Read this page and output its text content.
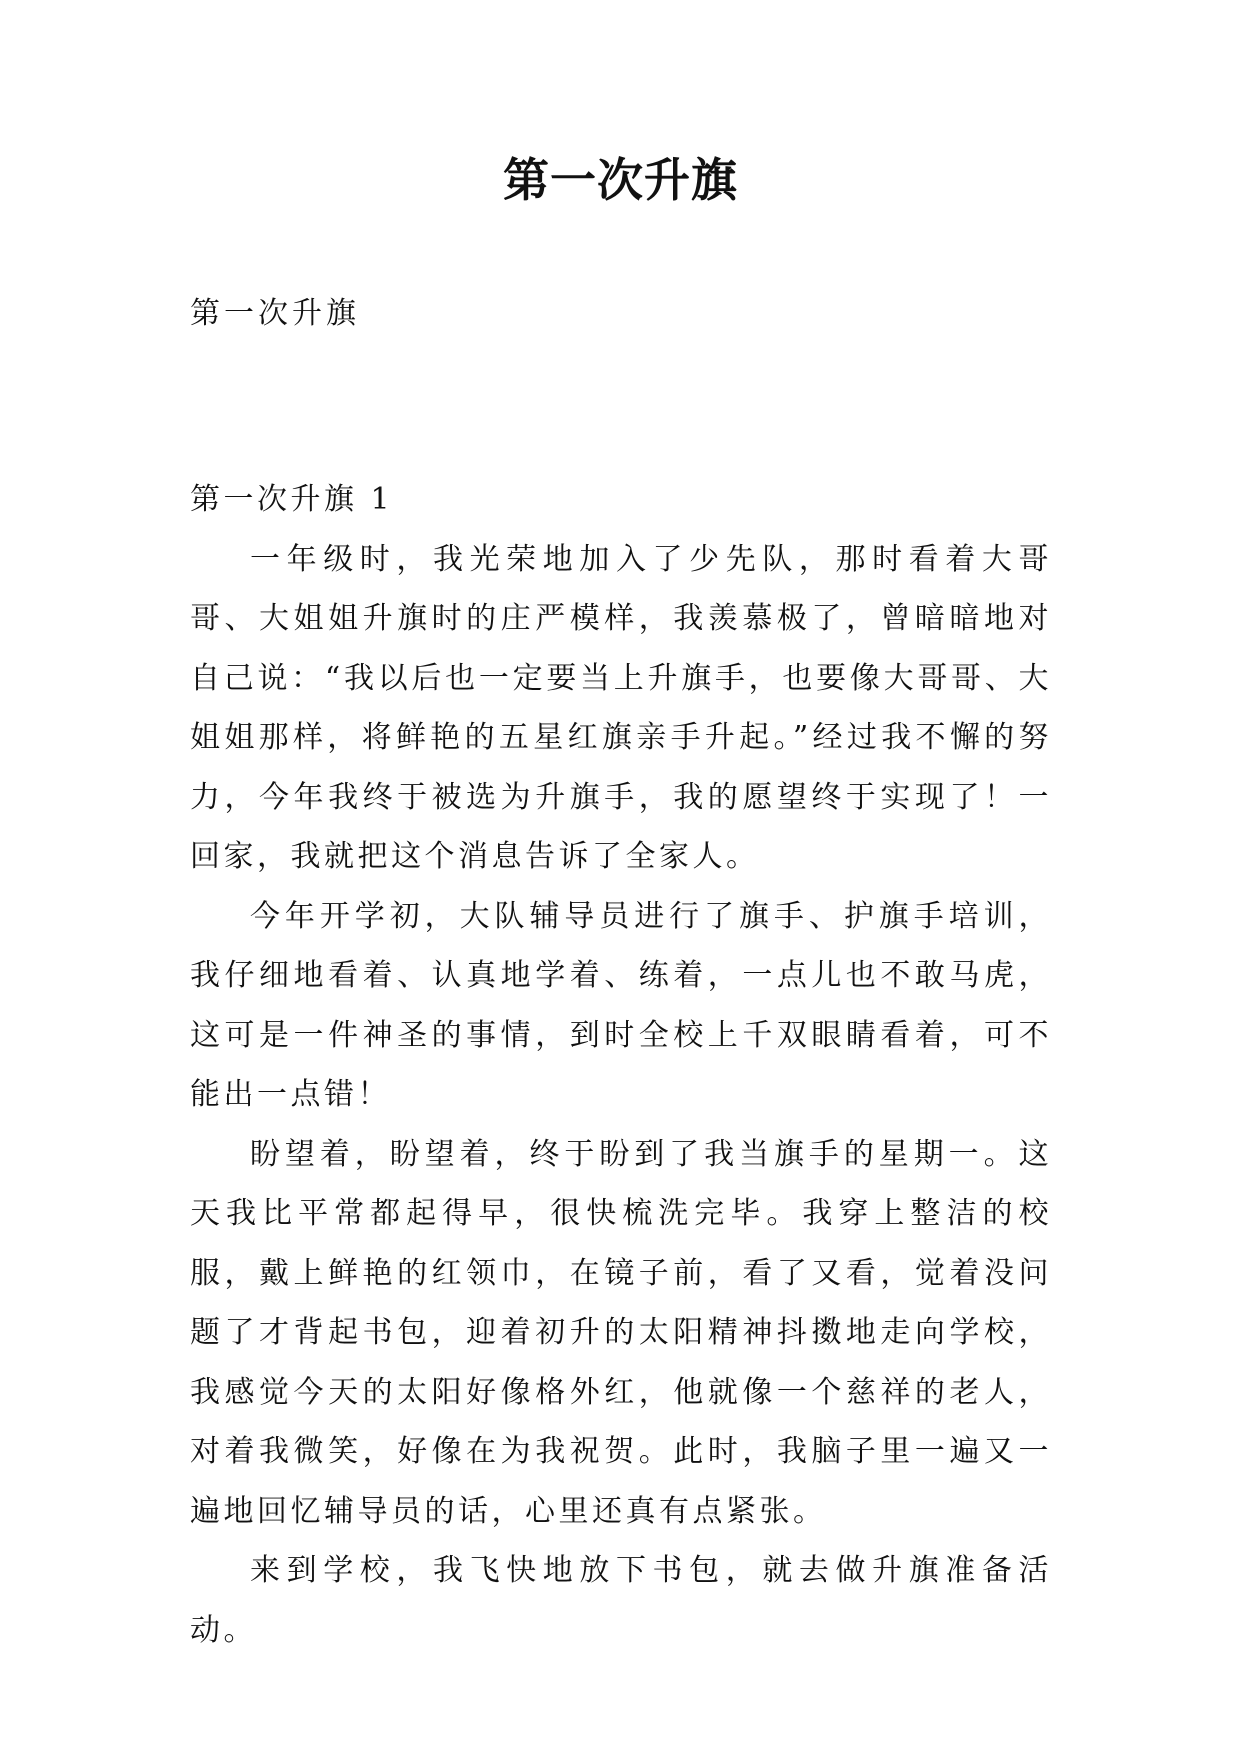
第一次升旗
第一次升旗

第一次升旗 1

一年级时，我光荣地加入了少先队，那时看着大哥哥、大姐姐升旗时的庄严模样，我羡慕极了，曾暗暗地对自己说：“我以后也一定要当上升旗手，也要像大哥哥、大姐姐那样，将鲜艳的五星红旗亲手升起。”经过我不懈的努力，今年我终于被选为升旗手，我的愿望终于实现了！一回家，我就把这个消息告诉了全家人。

今年开学初，大队辅导员进行了旗手、护旗手培训，我仔细地看着、认真地学着、练着，一点儿也不敢马虎，这可是一件神圣的事情，到时全校上千双眼睛看着，可不能出一点错！

盼望着，盼望着，终于盼到了我当旗手的星期一。这天我比平常都起得早，很快梳洗完毕。我穿上整洁的校服，戴上鲜艳的红领巾，在镜子前，看了又看，觉着没问题了才背起书包，迎着初升的太阳精神抖擞地走向学校，我感觉今天的太阳好像格外红，他就像一个慈祥的老人，对着我微笑，好像在为我祝贺。此时，我脑子里一遍又一遍地回忆辅导员的话，心里还真有点紧张。

来到学校，我飞快地放下书包，就去做升旗准备活动。
